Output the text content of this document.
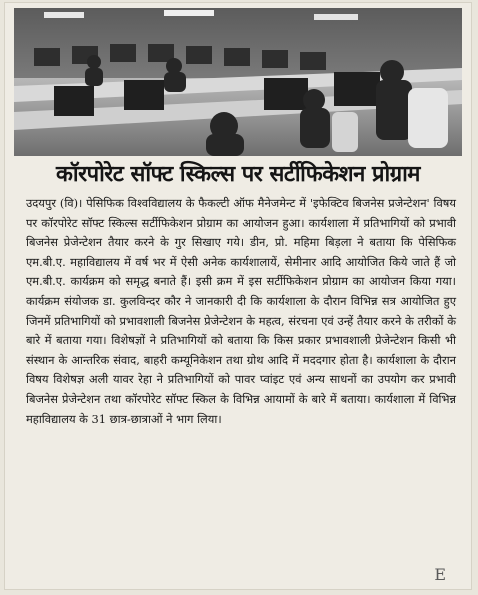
कॉरपोरेट सॉफ्ट स्किल्स पर सर्टीफिकेशन प्रोग्राम

उदयपुर (वि)। पेसिफिक विश्वविद्यालय के फैकल्टी ऑफ मैनेजमेन्ट में 'इफेक्टिव बिजनेस प्रजेन्टेशन' विषय पर कॉरपोरेट सॉफ्ट स्किल्स सर्टीफिकेशन प्रोग्राम का आयोजन हुआ। कार्यशाला में प्रतिभागियों को प्रभावी बिजनेस प्रेजेन्टेशन तैयार करने के गुर सिखाए गये। डीन, प्रो. महिमा बिड़ला ने बताया कि पेसिफिक एम.बी.ए. महाविद्यालय में वर्ष भर में ऐसी अनेक कार्यशालायें, सेमीनार आदि आयोजित किये जाते हैं जो एम.बी.ए. कार्यक्रम को समृद्ध बनाते हैं। इसी क्रम में इस सर्टीफिकेशन प्रोग्राम का आयोजन किया गया। कार्यक्रम संयोजक डा. कुलविन्दर कौर ने जानकारी दी कि कार्यशाला के दौरान विभिन्न सत्र आयोजित हुए जिनमें प्रतिभागियों को प्रभावशाली बिजनेस प्रेजेन्टेशन के महत्व, संरचना एवं उन्हें तैयार करने के तरीकों के बारे में बताया गया। विशेषज्ञों ने प्रतिभागियों को बताया कि किस प्रकार प्रभावशाली प्रेजेन्टेशन किसी भी संस्थान के आन्तरिक संवाद, बाहरी कम्यूनिकेशन तथा ग्रोथ आदि में मददगार होता है। कार्यशाला के दौरान विषय विशेषज्ञ अली यावर रेहा ने प्रतिभागियों को पावर प्वांइट एवं अन्य साधनों का उपयोग कर प्रभावी बिजनेस प्रेजेन्टेशन तथा कॉरपोरेट सॉफ्ट स्किल के विभिन्न आयामों के बारे में बताया। कार्यशाला में विभिन्न महाविद्यालय के 31 छात्र-छात्राओं ने भाग लिया।

E
